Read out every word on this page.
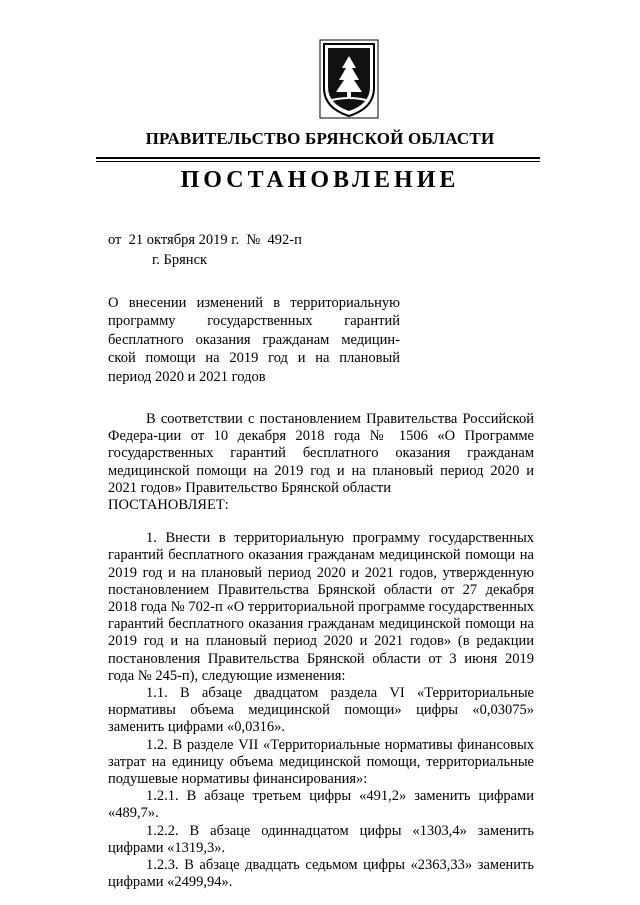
ПРАВИТЕЛЬСТВО БРЯНСКОЙ ОБЛАСТИ
ПОСТАНОВЛЕНИЕ
от  21 октября 2019 г.  №  492-п
г. Брянск
О внесении изменений в территориальную программу государственных гарантий бесплатного оказания гражданам медицин-ской помощи на 2019 год и на плановый период 2020 и 2021 годов

В соответствии с постановлением Правительства Российской Федера-ции от 10 декабря 2018 года № 1506 «О Программе государственных гарантий бесплатного оказания гражданам медицинской помощи на 2019 год и на плановый период 2020 и 2021 годов» Правительство Брянской области

ПОСТАНОВЛЯЕТ:

1. Внести в территориальную программу государственных гарантий бесплатного оказания гражданам медицинской помощи на 2019 год и на плановый период 2020 и 2021 годов, утвержденную постановлением Правительства Брянской области от 27 декабря 2018 года № 702-п «О территориальной программе государственных гарантий бесплатного оказания гражданам медицинской помощи на 2019 год и на плановый период 2020 и 2021 годов» (в редакции постановления Правительства Брянской области от 3 июня 2019 года № 245-п), следующие изменения:

1.1. В абзаце двадцатом раздела VI «Территориальные нормативы объема медицинской помощи» цифры «0,03075» заменить цифрами «0,0316».

1.2. В разделе VII «Территориальные нормативы финансовых затрат на единицу объема медицинской помощи, территориальные подушевые нормативы финансирования»:

1.2.1. В абзаце третьем цифры «491,2» заменить цифрами «489,7».

1.2.2. В абзаце одиннадцатом цифры «1303,4» заменить цифрами «1319,3».

1.2.3. В абзаце двадцать седьмом цифры «2363,33» заменить цифрами «2499,94».
